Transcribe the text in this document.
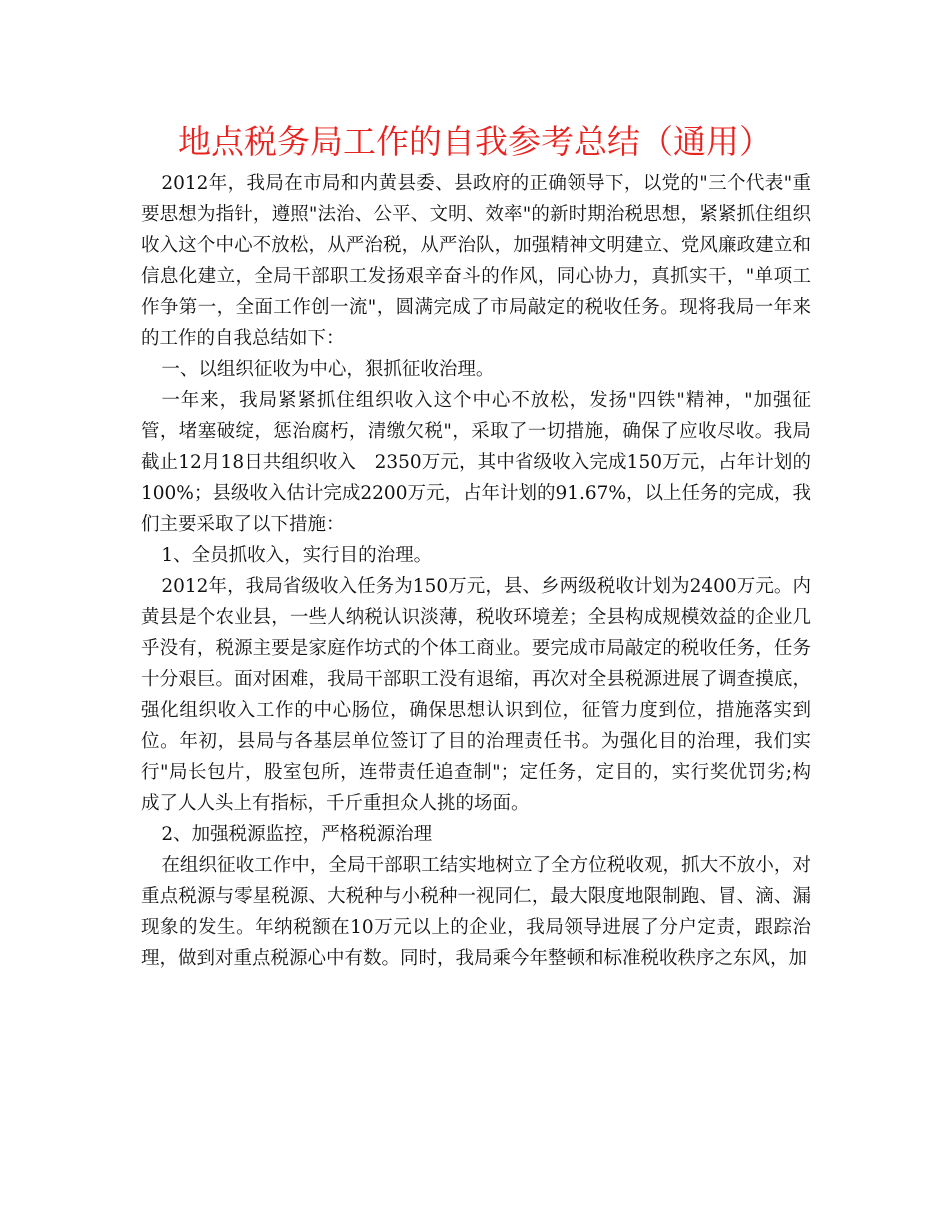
地点税务局工作的自我参考总结（通用）

2012年，我局在市局和内黄县委、县政府的正确领导下，以党的"三个代表"重要思想为指针，遵照"法治、公平、文明、效率"的新时期治税思想，紧紧抓住组织收入这个中心不放松，从严治税，从严治队，加强精神文明建立、党风廉政建立和信息化建立，全局干部职工发扬艰辛奋斗的作风，同心协力，真抓实干，"单项工作争第一，全面工作创一流"，圆满完成了市局敲定的税收任务。现将我局一年来的工作的自我总结如下：

一、以组织征收为中心，狠抓征收治理。

一年来，我局紧紧抓住组织收入这个中心不放松，发扬"四铁"精神，"加强征管，堵塞破绽，惩治腐朽，清缴欠税"，采取了一切措施，确保了应收尽收。我局截止12月18日共组织收入　2350万元，其中省级收入完成150万元，占年计划的100%；县级收入估计完成2200万元，占年计划的91.67%，以上任务的完成，我们主要采取了以下措施：

1、全员抓收入，实行目的治理。

2012年，我局省级收入任务为150万元，县、乡两级税收计划为2400万元。内黄县是个农业县，一些人纳税认识淡薄，税收环境差；全县构成规模效益的企业几乎没有，税源主要是家庭作坊式的个体工商业。要完成市局敲定的税收任务，任务十分艰巨。面对困难，我局干部职工没有退缩，再次对全县税源进展了调查摸底，强化组织收入工作的中心肠位，确保思想认识到位，征管力度到位，措施落实到位。年初，县局与各基层单位签订了目的治理责任书。为强化目的治理，我们实行"局长包片，股室包所，连带责任追查制"；定任务，定目的，实行奖优罚劣;构成了人人头上有指标，千斤重担众人挑的场面。

2、加强税源监控，严格税源治理

在组织征收工作中，全局干部职工结实地树立了全方位税收观，抓大不放小，对重点税源与零星税源、大税种与小税种一视同仁，最大限度地限制跑、冒、滴、漏现象的发生。年纳税额在10万元以上的企业，我局领导进展了分户定责，跟踪治理，做到对重点税源心中有数。同时，我局乘今年整顿和标准税收秩序之东风，加
